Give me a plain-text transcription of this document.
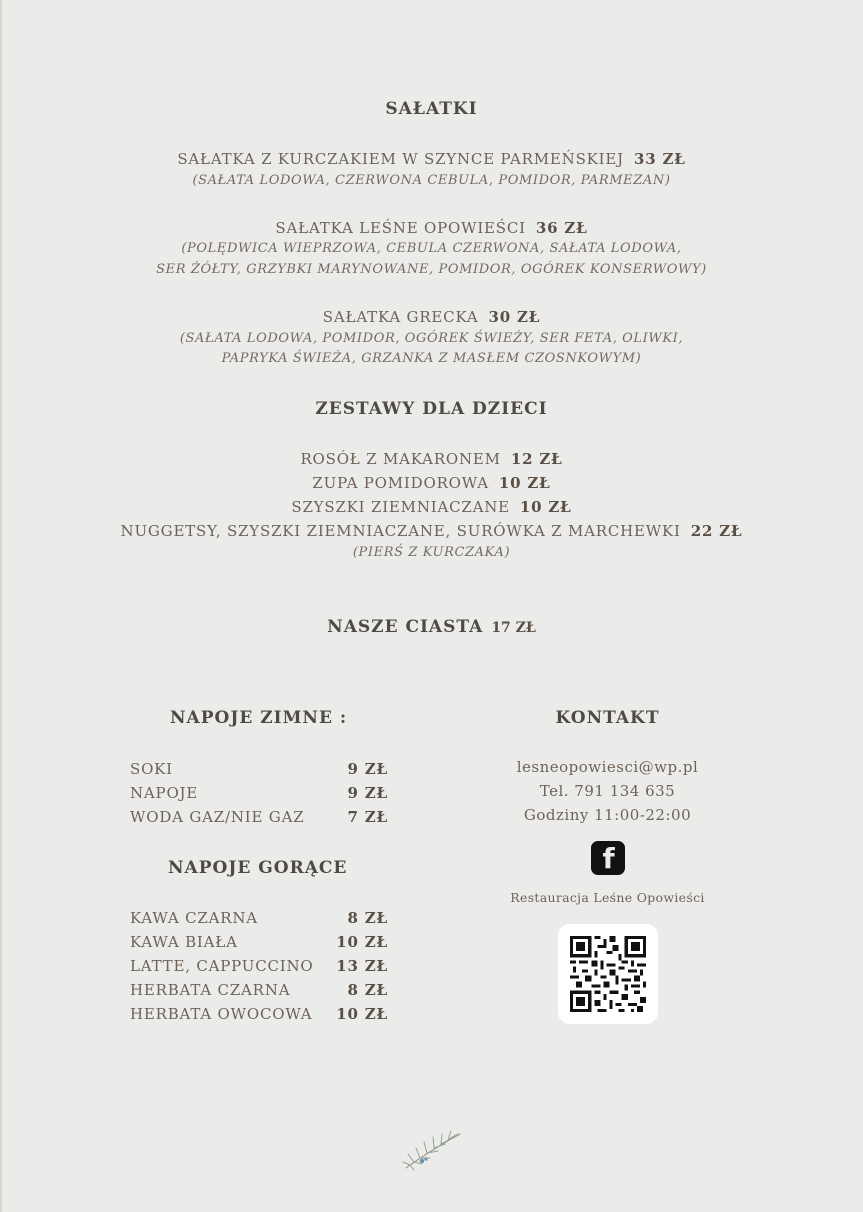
SAŁATKI
SAŁATKA Z KURCZAKIEM W SZYNCE PARMEŃSKIEJ 33 ZŁ
(SAŁATA LODOWA, CZERWONA CEBULA, POMIDOR, PARMEZAN)
SAŁATKA LEŚNE OPOWIEŚCI 36 ZŁ
(POLĘDWICA WIEPRZOWA, CEBULA CZERWONA, SAŁATA LODOWA,
SER ŻÓŁTY, GRZYBKI MARYNOWANE, POMIDOR, OGÓREK KONSERWOWY)
SAŁATKA GRECKA 30 ZŁ
(SAŁATA LODOWA, POMIDOR, OGÓREK ŚWIEŻY, SER FETA, OLIWKI,
PAPRYKA ŚWIEŻA, GRZANKA Z MASŁEM CZOSNKOWYM)
ZESTAWY DLA DZIECI
ROSÓŁ Z MAKARONEM 12 ZŁ
ZUPA POMIDOROWA 10 ZŁ
SZYSZKI ZIEMNIACZANE 10 ZŁ
NUGGETSY, SZYSZKI ZIEMNIACZANE, SURÓWKA Z MARCHEWKI 22 ZŁ
(PIERŚ Z KURCZAKA)
NASZE CIASTA 17 ZŁ
NAPOJE ZIMNE :
SOKI	9 ZŁ
NAPOJE	9 ZŁ
WODA GAZ/NIE GAZ	7 ZŁ
NAPOJE GORĄCE
KAWA CZARNA	8 ZŁ
KAWA BIAŁA	10 ZŁ
LATTE, CAPPUCCINO 13 ZŁ
HERBATA CZARNA	8 ZŁ
HERBATA OWOCOWA 10 ZŁ
KONTAKT
lesneopowiesci@wp.pl
Tel. 791 134 635
Godziny 11:00-22:00
f
Restauracja Leśne Opowieści
